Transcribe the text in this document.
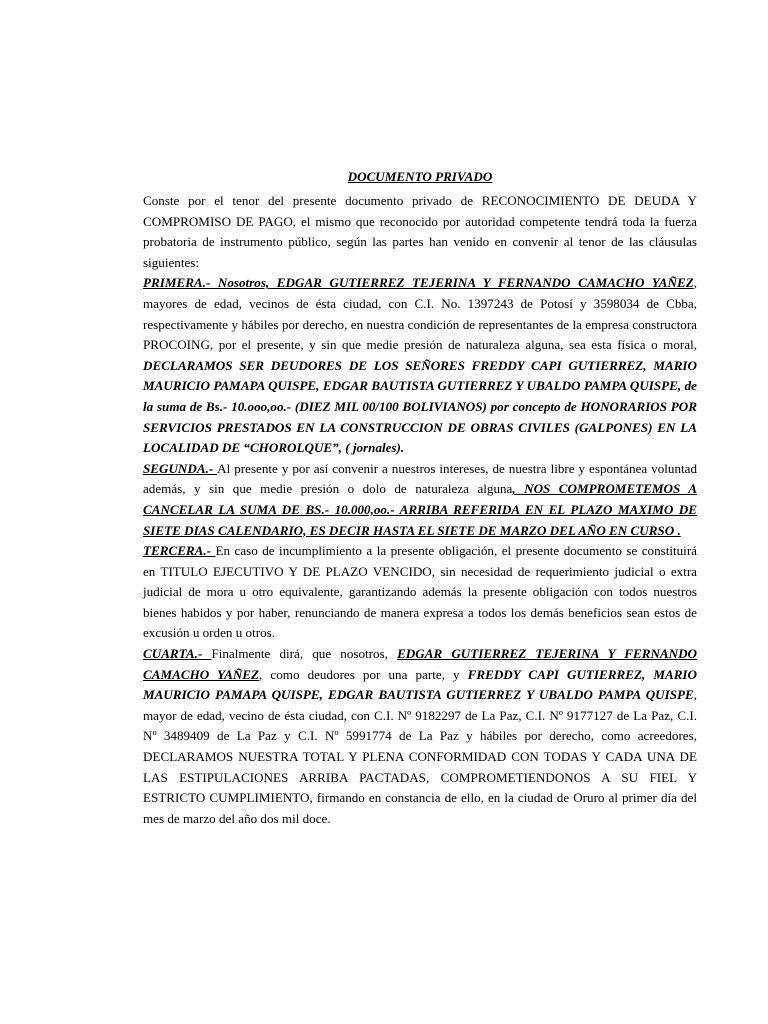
DOCUMENTO PRIVADO

Conste por el tenor del presente documento privado de RECONOCIMIENTO DE DEUDA Y COMPROMISO DE PAGO, el mismo que reconocido por autoridad competente tendrá toda la fuerza probatoria de instrumento público, según las partes han venido en convenir al tenor de las cláusulas siguientes:

PRIMERA.- Nosotros, EDGAR GUTIERREZ TEJERINA Y FERNANDO CAMACHO YAÑEZ, mayores de edad, vecinos de ésta ciudad, con C.I. No. 1397243 de Potosí y 3598034 de Cbba, respectivamente y hábiles por derecho, en nuestra condición de representantes de la empresa constructora PROCOING, por el presente, y sin que medie presión de naturaleza alguna, sea esta física o moral, DECLARAMOS SER DEUDORES DE LOS SEÑORES FREDDY CAPI GUTIERREZ, MARIO MAURICIO PAMAPA QUISPE, EDGAR BAUTISTA GUTIERREZ Y UBALDO PAMPA QUISPE, de la suma de Bs.- 10.ooo,oo.- (DIEZ MIL 00/100 BOLIVIANOS) por concepto de HONORARIOS POR SERVICIOS PRESTADOS EN LA CONSTRUCCION DE OBRAS CIVILES (GALPONES) EN LA LOCALIDAD DE “CHOROLQUE”, ( jornales).

SEGUNDA.- Al presente y por así convenir a nuestros intereses, de nuestra libre y espontánea voluntad además, y sin que medie presión o dolo de naturaleza alguna, NOS COMPROMETEMOS A CANCELAR LA SUMA DE BS.- 10.000,oo.- ARRIBA REFERIDA EN EL PLAZO MAXIMO DE SIETE DIAS CALENDARIO, ES DECIR HASTA EL SIETE DE MARZO DEL AÑO EN CURSO .

TERCERA.- En caso de incumplimiento a la presente obligación, el presente documento se constituirá en TITULO EJECUTIVO Y DE PLAZO VENCIDO, sin necesidad de requerimiento judicial o extra judicial de mora u otro equivalente, garantizando además la presente obligación con todos nuestros bienes habidos y por haber, renunciando de manera expresa a todos los demás beneficios sean estos de excusión u orden u otros.

CUARTA.- Finalmente dirá, que nosotros, EDGAR GUTIERREZ TEJERINA Y FERNANDO CAMACHO YAÑEZ, como deudores por una parte, y FREDDY CAPI GUTIERREZ, MARIO MAURICIO PAMAPA QUISPE, EDGAR BAUTISTA GUTIERREZ Y UBALDO PAMPA QUISPE, mayor de edad, vecino de ésta ciudad, con C.I. Nº 9182297 de La Paz, C.I. Nº 9177127 de La Paz, C.I. Nº 3489409 de La Paz y C.I. Nº 5991774 de La Paz y hábiles por derecho, como acreedores, DECLARAMOS NUESTRA TOTAL Y PLENA CONFORMIDAD CON TODAS Y CADA UNA DE LAS ESTIPULACIONES ARRIBA PACTADAS, COMPROMETIENDONOS A SU FIEL Y ESTRICTO CUMPLIMIENTO, firmando en constancia de ello, en la ciudad de Oruro al primer día del mes de marzo del año dos mil doce.
